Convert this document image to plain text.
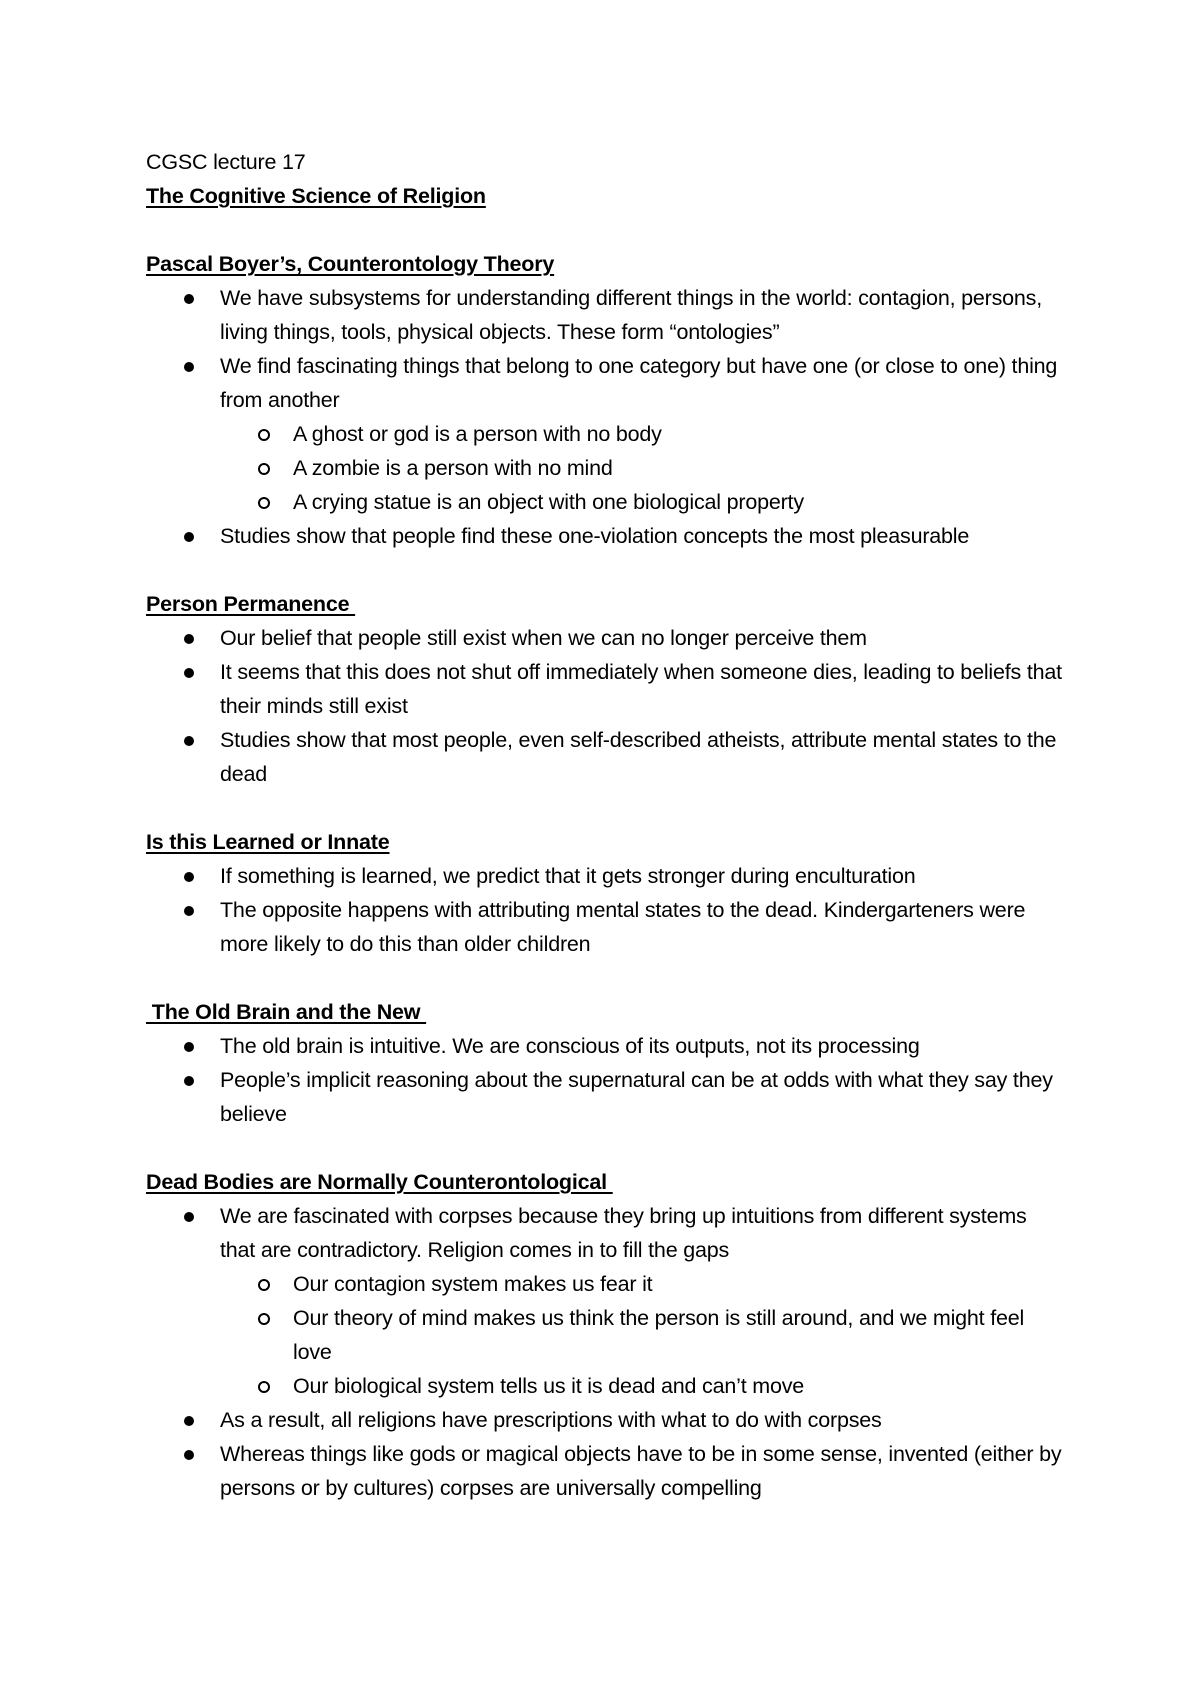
CGSC lecture 17

The Cognitive Science of Religion

Pascal Boyer’s, Counterontology Theory

We have subsystems for understanding different things in the world: contagion, persons, living things, tools, physical objects. These form “ontologies”
We find fascinating things that belong to one category but have one (or close to one) thing from another
A ghost or god is a person with no body
A zombie is a person with no mind
A crying statue is an object with one biological property
Studies show that people find these one-violation concepts the most pleasurable

Person Permanence

Our belief that people still exist when we can no longer perceive them
It seems that this does not shut off immediately when someone dies, leading to beliefs that their minds still exist
Studies show that most people, even self-described atheists, attribute mental states to the dead

Is this Learned or Innate

If something is learned, we predict that it gets stronger during enculturation
The opposite happens with attributing mental states to the dead. Kindergarteners were more likely to do this than older children

The Old Brain and the New

The old brain is intuitive. We are conscious of its outputs, not its processing
People’s implicit reasoning about the supernatural can be at odds with what they say they believe

Dead Bodies are Normally Counterontological

We are fascinated with corpses because they bring up intuitions from different systems that are contradictory. Religion comes in to fill the gaps
Our contagion system makes us fear it
Our theory of mind makes us think the person is still around, and we might feel love
Our biological system tells us it is dead and can’t move
As a result, all religions have prescriptions with what to do with corpses
Whereas things like gods or magical objects have to be in some sense, invented (either by persons or by cultures) corpses are universally compelling
